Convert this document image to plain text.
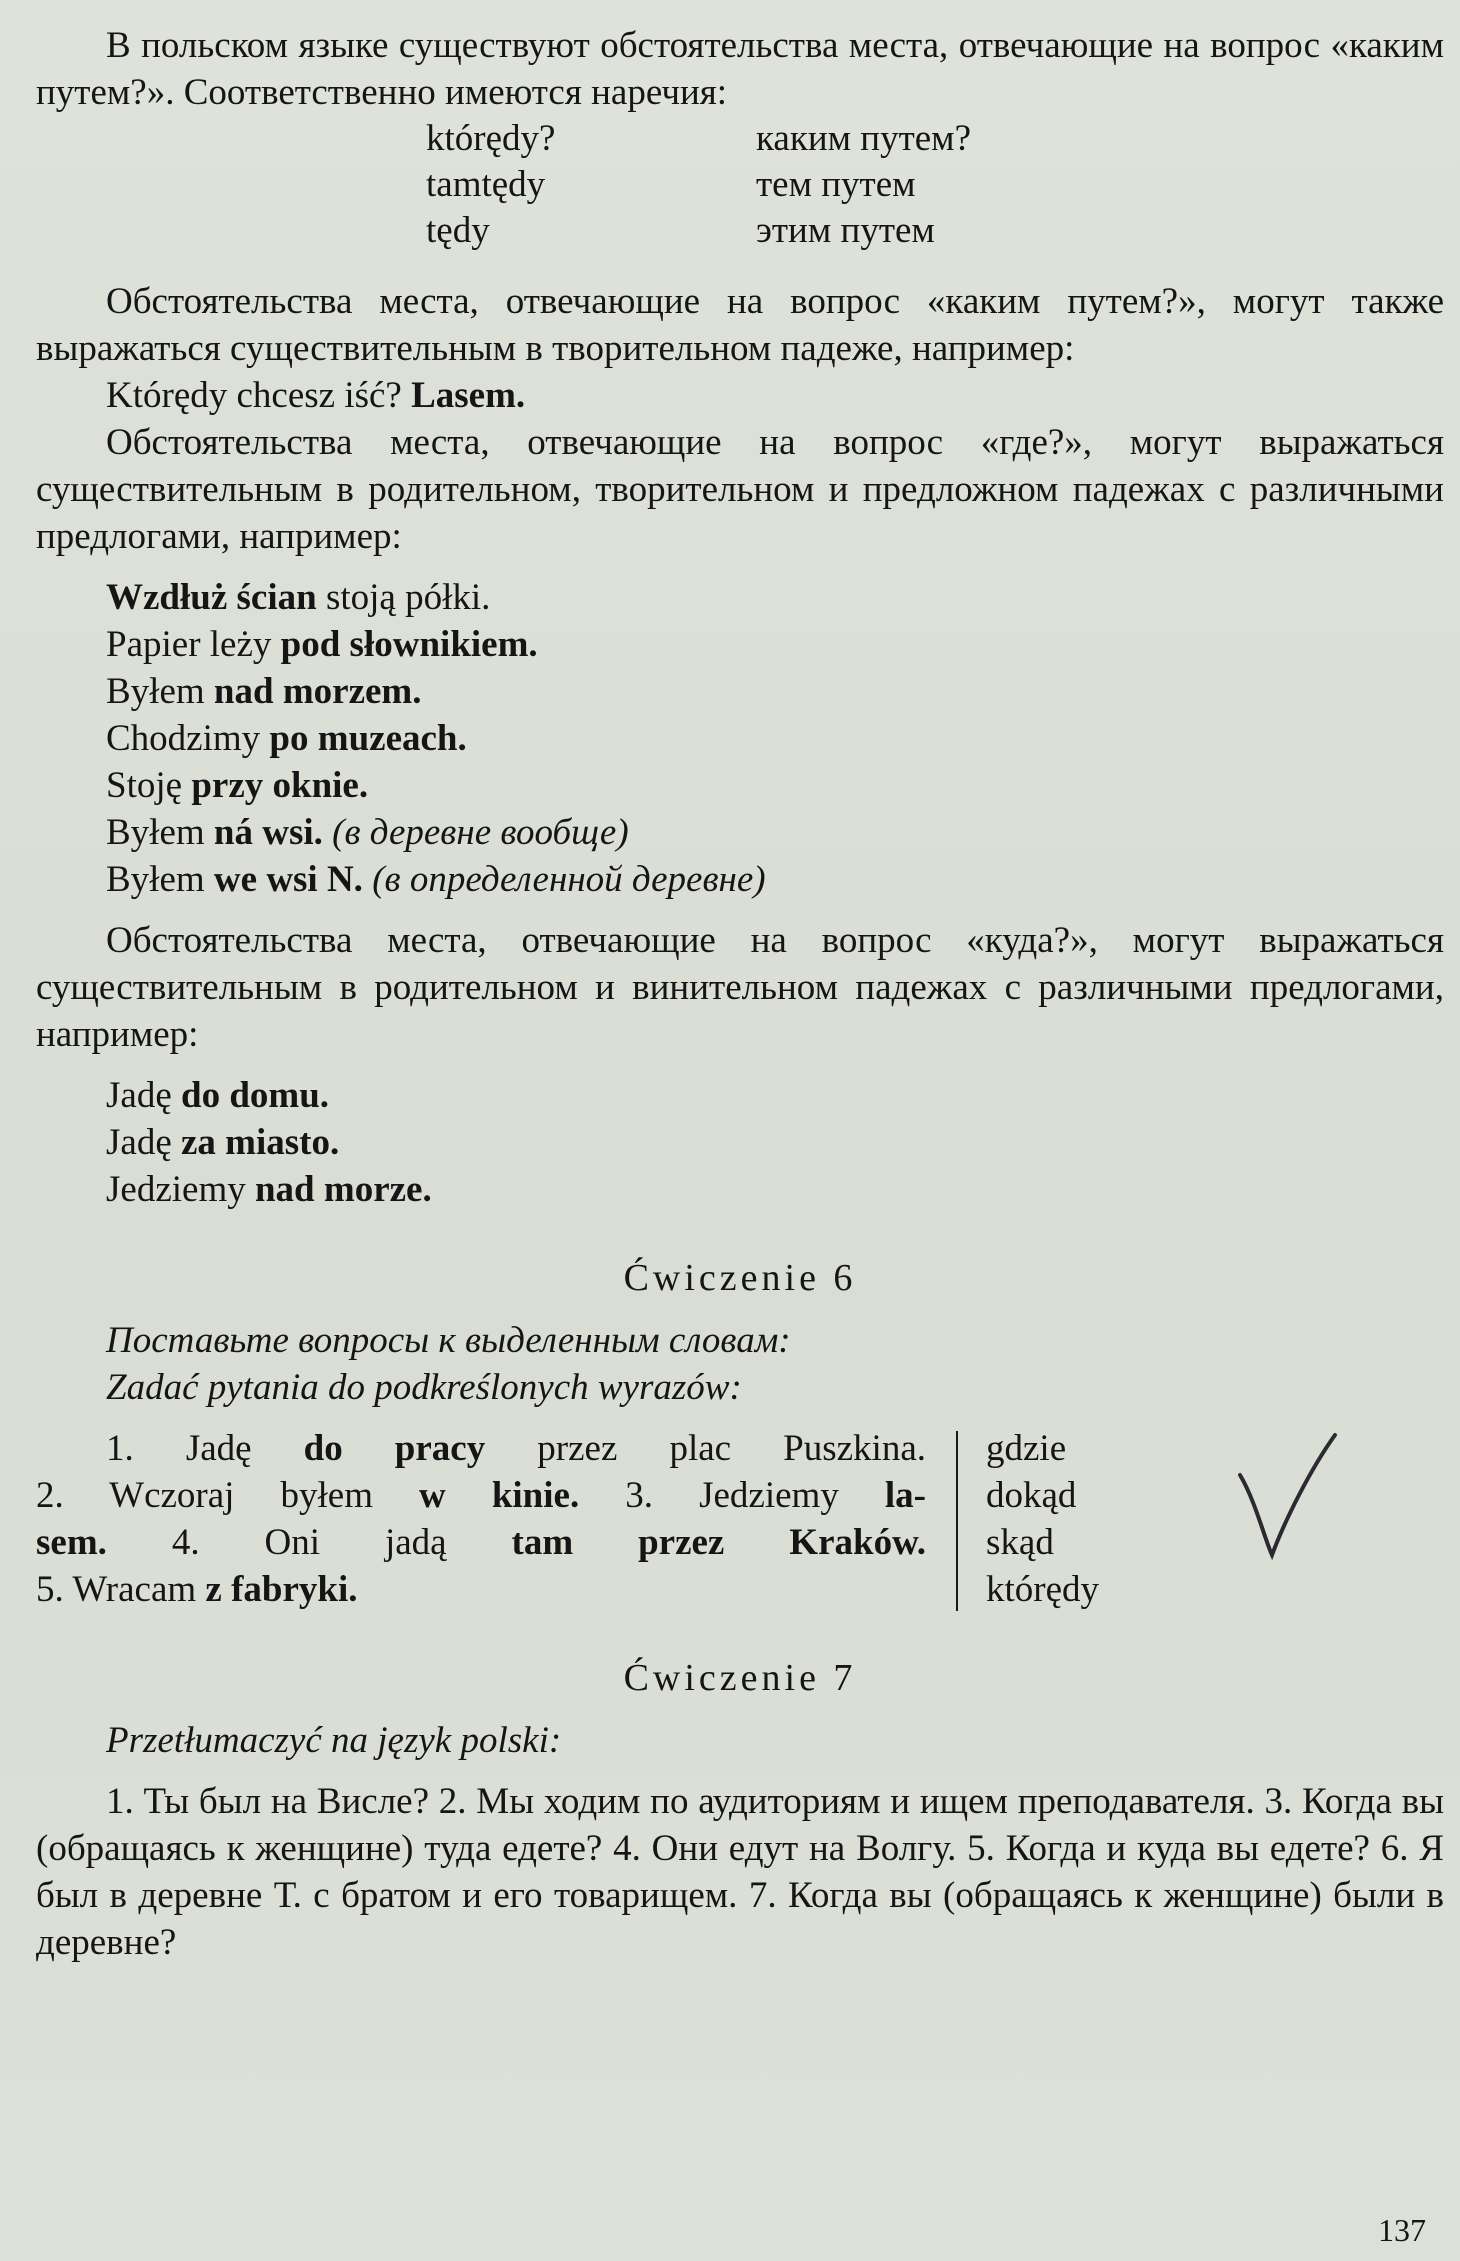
В польском языке существуют обстоятельства места, отвечающие на вопрос «каким путем?». Соответственно имеются наречия:

którędy?	каким путем?
tamtędy	тем путем
tędy	этим путем

Обстоятельства места, отвечающие на вопрос «каким путем?», могут также выражаться существительным в творительном падеже, например:

Którędy chcesz iść? Lasem.

Обстоятельства места, отвечающие на вопрос «где?», могут выражаться существительным в родительном, творительном и предложном падежах с различными предлогами, например:

Wzdłuż ścian stoją półki.
Papier leży pod słownikiem.
Byłem nad morzem.
Chodzimy po muzeach.
Stoję przy oknie.
Byłem ná wsi. (в деревне вообще)
Byłem we wsi N. (в определенной деревне)

Обстоятельства места, отвечающие на вопрос «куда?», могут выражаться существительным в родительном и винительном падежах с различными предлогами, например:

Jadę do domu.
Jadę za miasto.
Jedziemy nad morze.
Ćwiczenie 6
Поставьте вопросы к выделенным словам:
Zadać pytania do podkreślonych wyrazów:

1. Jadę do pracy przez plac Puszkina.

2. Wczoraj byłem w kinie. 3. Jedziemy la-

sem. 4. Oni jadą tam przez Kraków.

5. Wracam z fabryki.

gdzie
dokąd
skąd
którędy
Ćwiczenie 7
Przetłumaczyć na język polski:

1. Ты был на Висле? 2. Мы ходим по аудиториям и ищем преподавателя. 3. Когда вы (обращаясь к женщине) туда едете? 4. Они едут на Волгу. 5. Когда и куда вы едете? 6. Я был в деревне Т. с братом и его товарищем. 7. Когда вы (обращаясь к женщине) были в деревне?

137
